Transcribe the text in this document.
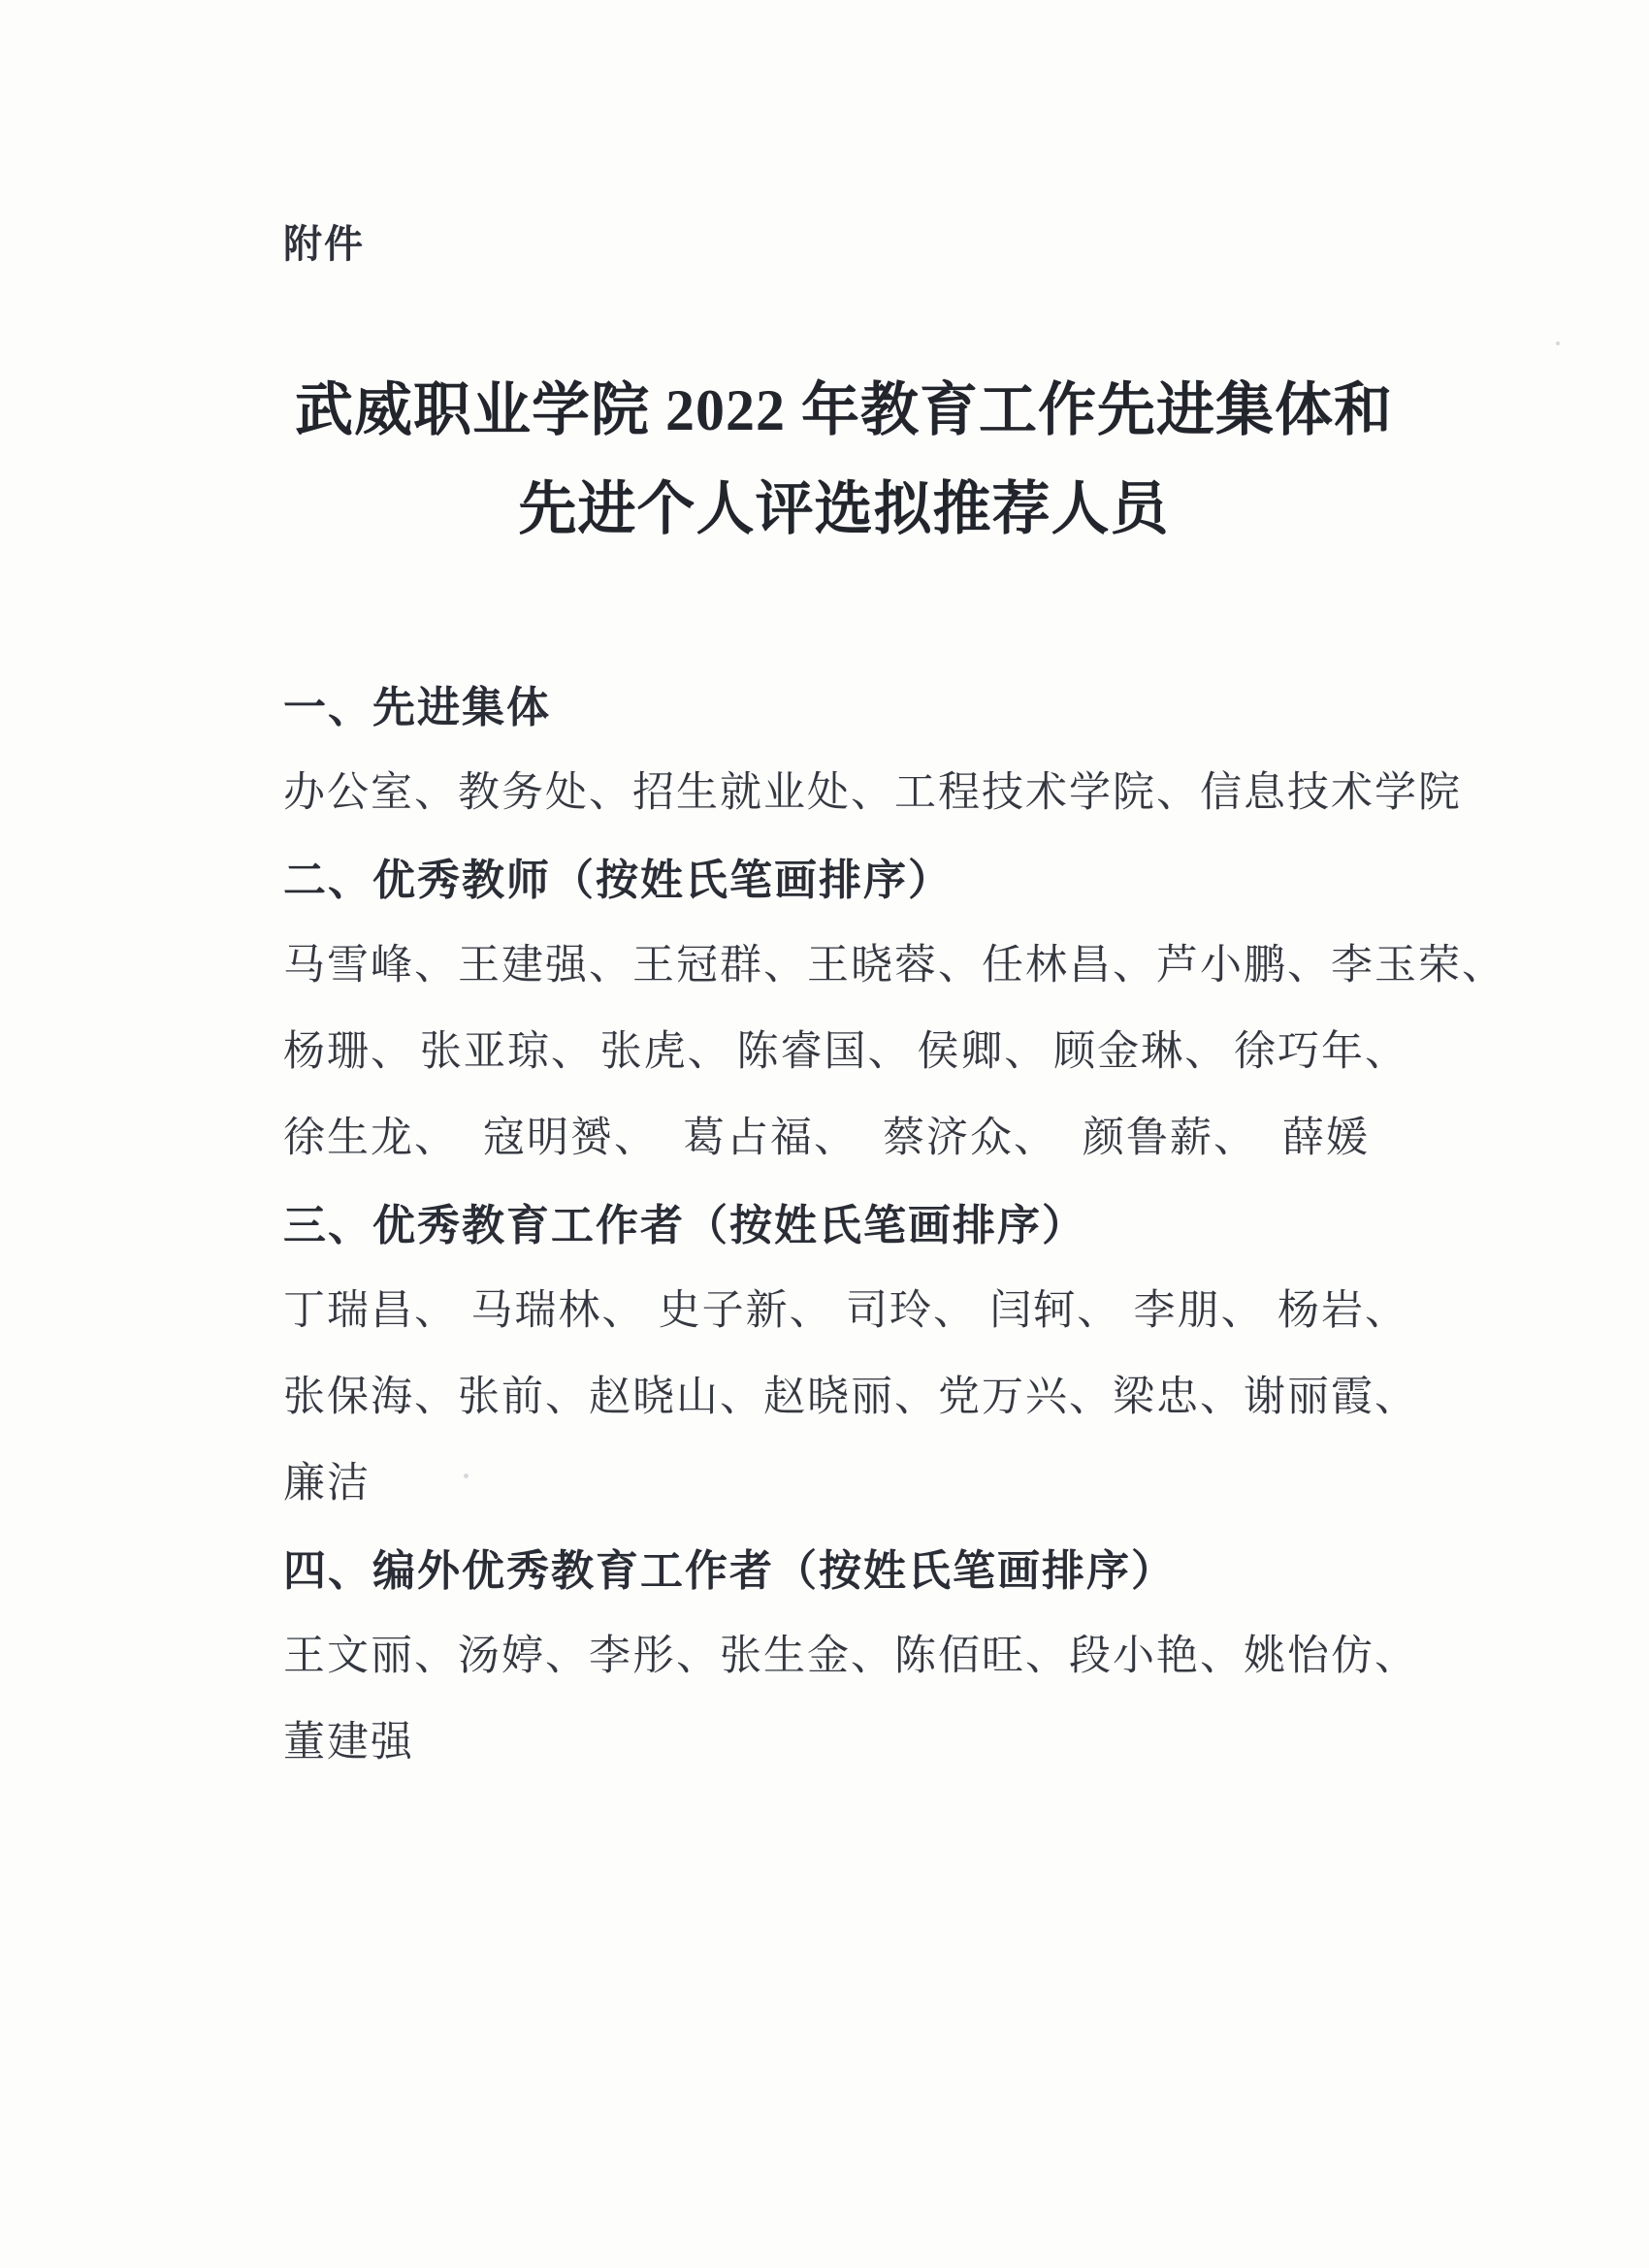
附件
武威职业学院 2022 年教育工作先进集体和
先进个人评选拟推荐人员
一、先进集体
办公室、 教务处、 招生就业处、 工程技术学院、 信息技术学院
二、优秀教师（按姓氏笔画排序）
马雪峰、 王建强、 王冠群、 王晓蓉、 任林昌、 芦小鹏、 李玉荣、
杨珊、 张亚琼、 张虎、 陈睿国、 侯卿、 顾金琳、 徐巧年、
徐生龙、 寇明赟、 葛占福、 蔡济众、 颜鲁薪、 薛媛
三、优秀教育工作者（按姓氏笔画排序）
丁瑞昌、 马瑞林、 史子新、 司玲、 闫轲、 李朋、 杨岩、
张保海、 张前、 赵晓山、 赵晓丽、 党万兴、 梁忠、 谢丽霞、
廉洁
四、编外优秀教育工作者（按姓氏笔画排序）
王文丽、 汤婷、 李彤、 张生金、 陈佰旺、 段小艳、 姚怡仿、
董建强
